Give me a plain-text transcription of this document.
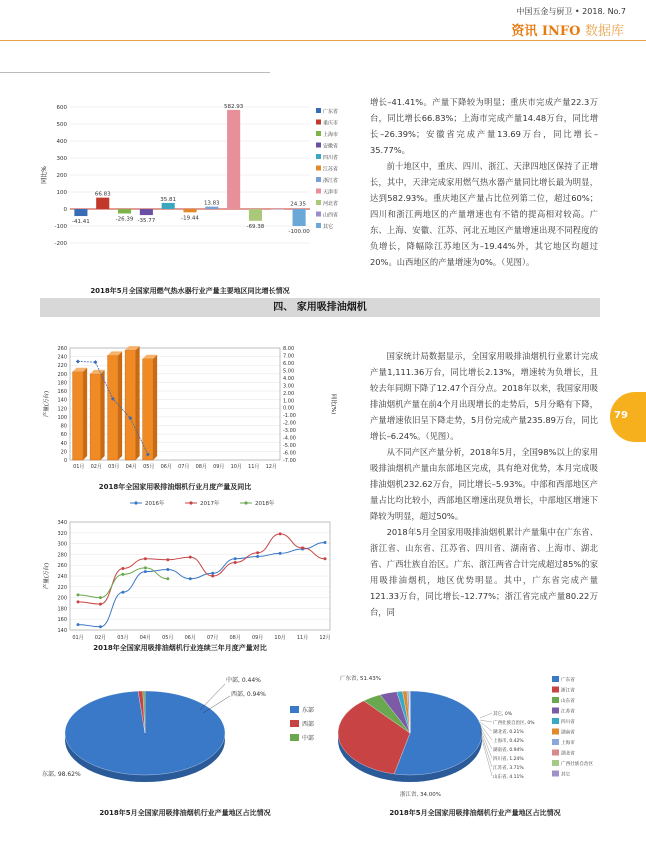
中国五金与厨卫 • 2018. No.7
资讯 INFO 数据库
600
500
400
300
200
100
0
-100
-200
同比%
-41.41
66.83
-26.39 -35.77
35.81
-19.44
13.83
582.93
-69.38
-100.00
24.35
广东省
重庆市
上海市
安徽省
四川省
江苏省
浙江省
天津市
河北省
山西省
其它
2018年5月全国家用燃气热水器行业产量主要地区同比增长情况

增长–41.41%。产量下降较为明显；重庆市完成产量22.3万台，同比增长66.83%；上海市完成产量14.48万台，同比增长–26.39%；安徽省完成产量13.69万台，同比增长–35.77%。

前十地区中，重庆、四川、浙江、天津四地区保持了正增长，其中，天津完成家用燃气热水器产量同比增长最为明显，达到582.93%。重庆地区产量占比位列第二位，超过60%；四川和浙江两地区的产量增速也有不错的提高相对较高。广东、上海、安徽、江苏、河北五地区产量增速出现不同程度的负增长，降幅除江苏地区为–19.44%外，其它地区均超过20%。山西地区的产量增速为0%。（见图）。

四、 家用吸排油烟机
260
240
220
200
180
160
140
120
100
80
60
40
20
0
8.00
7.00
6.00
5.00
4.00
3.00
2.00
1.00
0.00
-1.00
-2.00
-3.00
-4.00
-5.00
-6.00
-7.00
产量(万台)	同比(%)
01月 02月 03月 04月 05月 06月 07月 08月 09月 10月 11月 12月
2018年全国家用吸排油烟机行业月度产量及同比
2016年	2017年	2018年
340
320
300
280
260
240
220
200
180
160
140
产量(万台)
01月 02月 03月 04月 05月 06月 07月 08月 09月 10月 11月 12月
2018年全国家用吸排油烟机行业连续三年月度产量对比

国家统计局数据显示，全国家用吸排油烟机行业累计完成产量1,111.36万台，同比增长2.13%，增速转为负增长，且较去年同期下降了12.47个百分点。2018年以来，我国家用吸排油烟机产量在前4个月出现增长的走势后，5月分略有下降，产量增速依旧呈下降走势，5月份完成产量235.89万台，同比增长–6.24%。（见图）。

从不同产区产量分析，2018年5月，全国98%以上的家用吸排油烟机产量由东部地区完成，具有绝对优势，本月完成吸排油烟机232.62万台，同比增长–5.93%。中部和西部地区产量占比均比较小，西部地区增速出现负增长，中部地区增速下降较为明显，超过50%。

2018年5月全国家用吸排油烟机累计产量集中在广东省、浙江省、山东省、江苏省、四川省、湖南省、上海市、湖北省、广西壮族自治区。广东、浙江两省合计完成超过85%的家用吸排油烟机，地区优势明显。其中，广东省完成产量121.33万台，同比增长–12.77%；浙江省完成产量80.22万台，同

79
东部, 98.62%
中部, 0.44%
西部, 0.94%
东部
西部
中部
2018年5月全国家用吸排油烟机行业产量地区占比情况
广东省, 51.43%
浙江省, 34.00%
其它, 0%
广西壮族自治区, 0%
湖北省, 0.21%
上海市, 0.42%
湖南省, 0.94%
四川省, 1.24%
江苏省, 3.71%
山东省, 4.11%
广东省
浙江省
山东省
江苏省
四川省
湖南省
上海市
湖北省
广西壮族自治区
其它
2018年5月全国家用吸排油烟机行业产量地区占比情况
